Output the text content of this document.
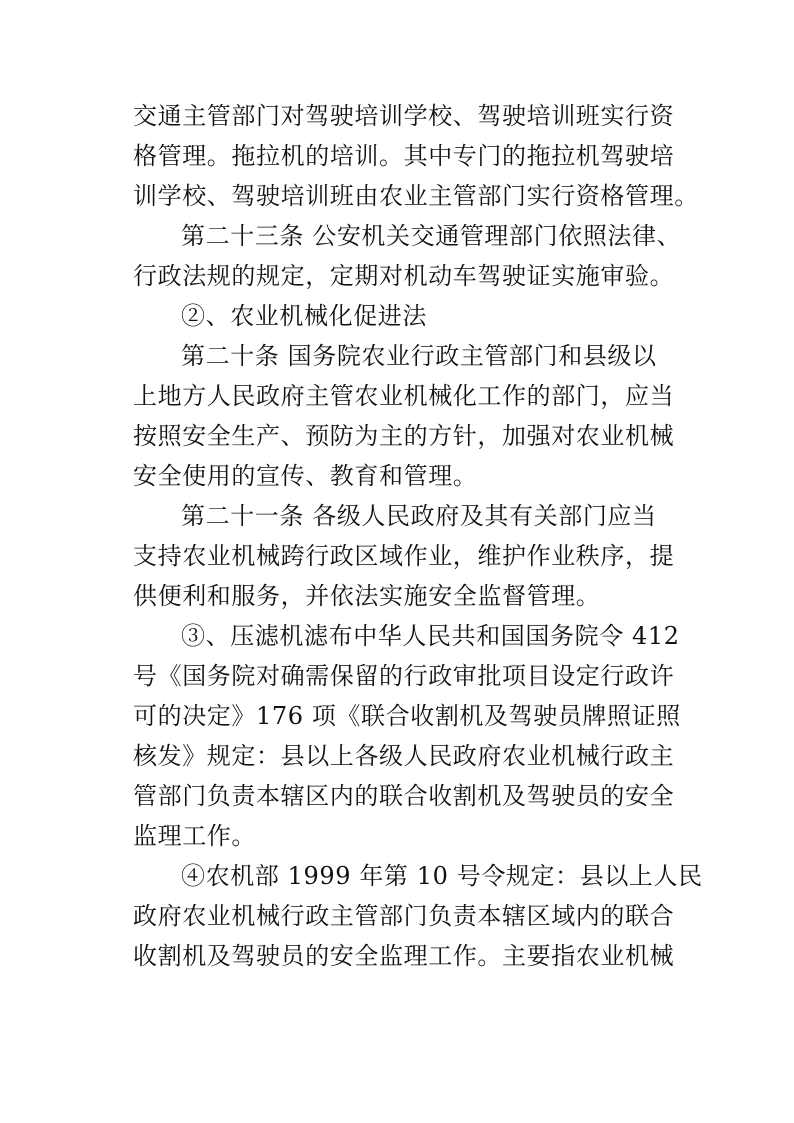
交通主管部门对驾驶培训学校、驾驶培训班实行资
格管理。拖拉机的培训。其中专门的拖拉机驾驶培
训学校、驾驶培训班由农业主管部门实行资格管理。

第二十三条 公安机关交通管理部门依照法律、
行政法规的规定，定期对机动车驾驶证实施审验。

②、农业机械化促进法

第二十条 国务院农业行政主管部门和县级以
上地方人民政府主管农业机械化工作的部门，应当
按照安全生产、预防为主的方针，加强对农业机械
安全使用的宣传、教育和管理。

第二十一条 各级人民政府及其有关部门应当
支持农业机械跨行政区域作业，维护作业秩序，提
供便利和服务，并依法实施安全监督管理。

③、压滤机滤布中华人民共和国国务院令 412
号《国务院对确需保留的行政审批项目设定行政许
可的决定》176 项《联合收割机及驾驶员牌照证照
核发》规定：县以上各级人民政府农业机械行政主
管部门负责本辖区内的联合收割机及驾驶员的安全
监理工作。

④农机部 1999 年第 10 号令规定：县以上人民
政府农业机械行政主管部门负责本辖区域内的联合
收割机及驾驶员的安全监理工作。主要指农业机械
